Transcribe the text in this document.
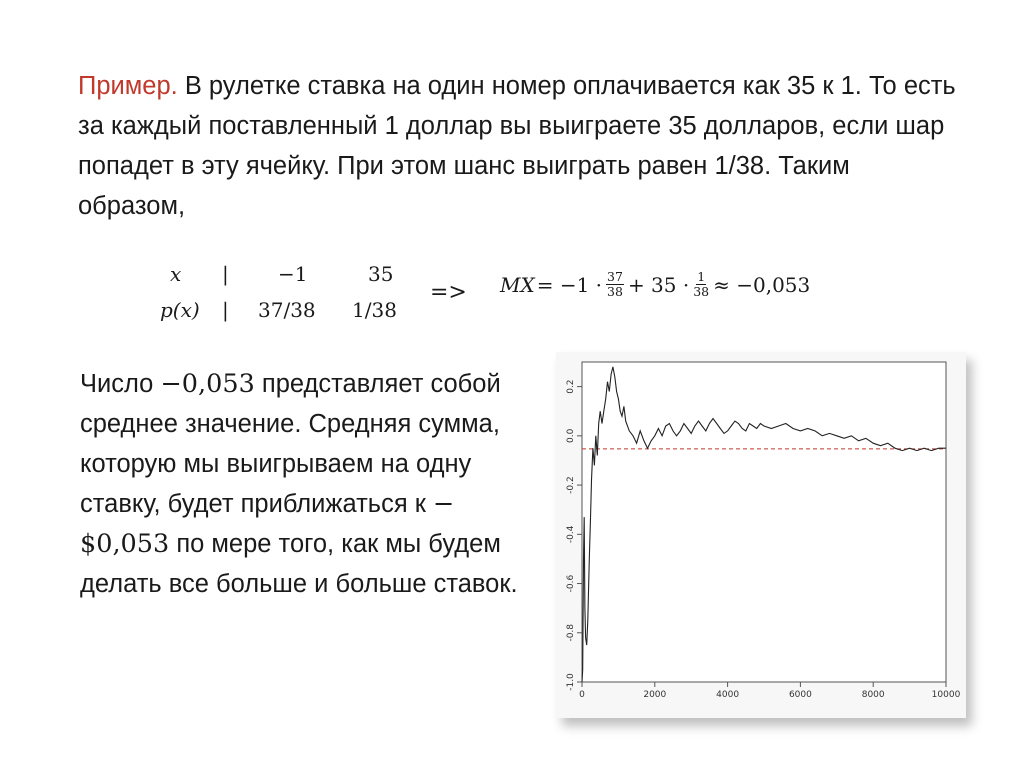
Пример. В рулетке ставка на один номер оплачивается как 35 к 1. То есть за каждый поставленный 1 доллар вы выиграете 35 долларов, если шар попадет в эту ячейку. При этом шанс выиграть равен 1/38. Таким образом,

x | −1	35
p(x) | 37/38 1/38
=> MX = $-1 \cdot \frac{37}{38} + 35 \cdot \frac{1}{38} \approx -0,053$

Число −0,053 представляет собой среднее значение. Средняя сумма, которую мы выигрываем на одну ставку, будет приближаться к −$0,053 по мере того, как мы будем делать все больше и больше ставок.

0	2000	4000	6000	8000	10000
-1.0
-0.8
-0.6
-0.4
-0.2
0.0
0.2
